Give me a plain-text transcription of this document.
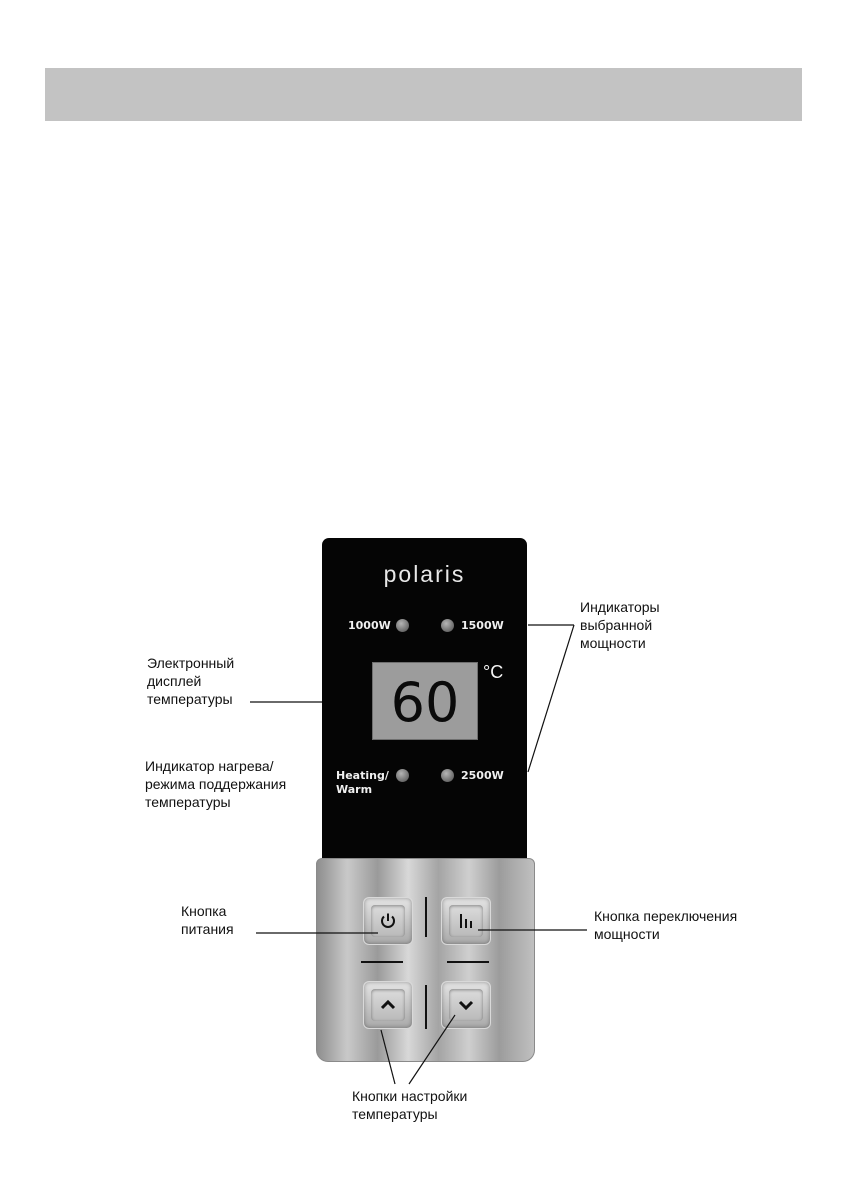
polaris
1000W	1500W
60	°C
Heating/
Warm
2500W
Электронный
дисплей
температуры
Индикаторы
выбранной
мощности
Индикатор нагрева/
режима поддержания
температуры
Кнопка
питания
Кнопка переключения
мощности
Кнопки настройки
температуры
